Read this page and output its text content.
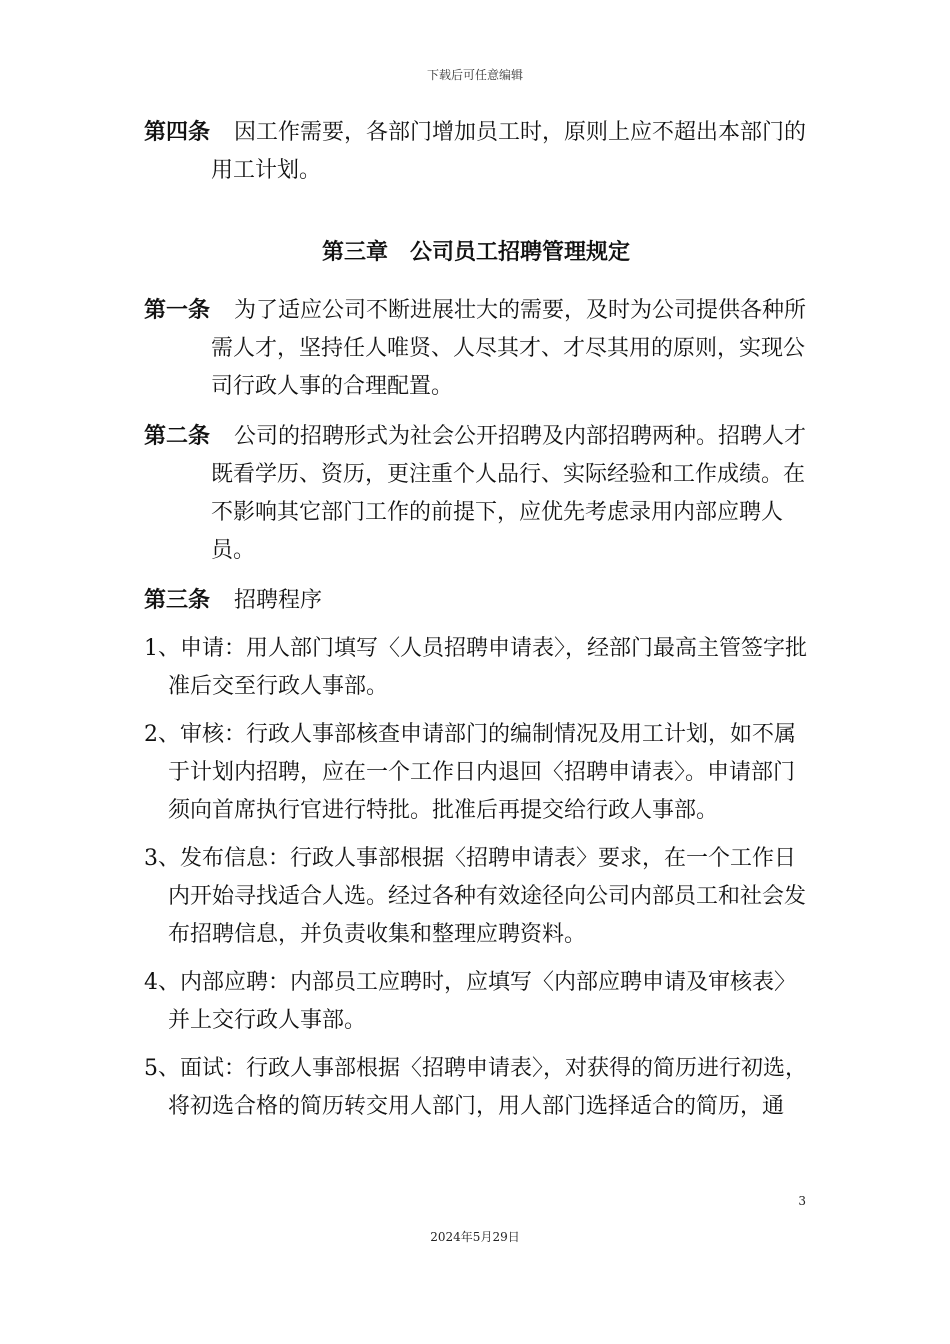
下载后可任意编辑

第四条 因工作需要，各部门增加员工时，原则上应不超出本部门的用工计划。

第三章　公司员工招聘管理规定

第一条 为了适应公司不断进展壮大的需要，及时为公司提供各种所需人才，坚持任人唯贤、人尽其才、才尽其用的原则，实现公司行政人事的合理配置。

第二条 公司的招聘形式为社会公开招聘及内部招聘两种。招聘人才既看学历、资历，更注重个人品行、实际经验和工作成绩。在不影响其它部门工作的前提下，应优先考虑录用内部应聘人员。

第三条 招聘程序

1、申请：用人部门填写〈人员招聘申请表〉，经部门最高主管签字批准后交至行政人事部。

2、审核：行政人事部核查申请部门的编制情况及用工计划，如不属于计划内招聘，应在一个工作日内退回〈招聘申请表〉。申请部门须向首席执行官进行特批。批准后再提交给行政人事部。

3、发布信息：行政人事部根据〈招聘申请表〉要求，在一个工作日内开始寻找适合人选。经过各种有效途径向公司内部员工和社会发布招聘信息，并负责收集和整理应聘资料。

4、内部应聘：内部员工应聘时，应填写〈内部应聘申请及审核表〉并上交行政人事部。

5、面试：行政人事部根据〈招聘申请表〉，对获得的简历进行初选，将初选合格的简历转交用人部门，用人部门选择适合的简历，通

3
2024年5月29日
